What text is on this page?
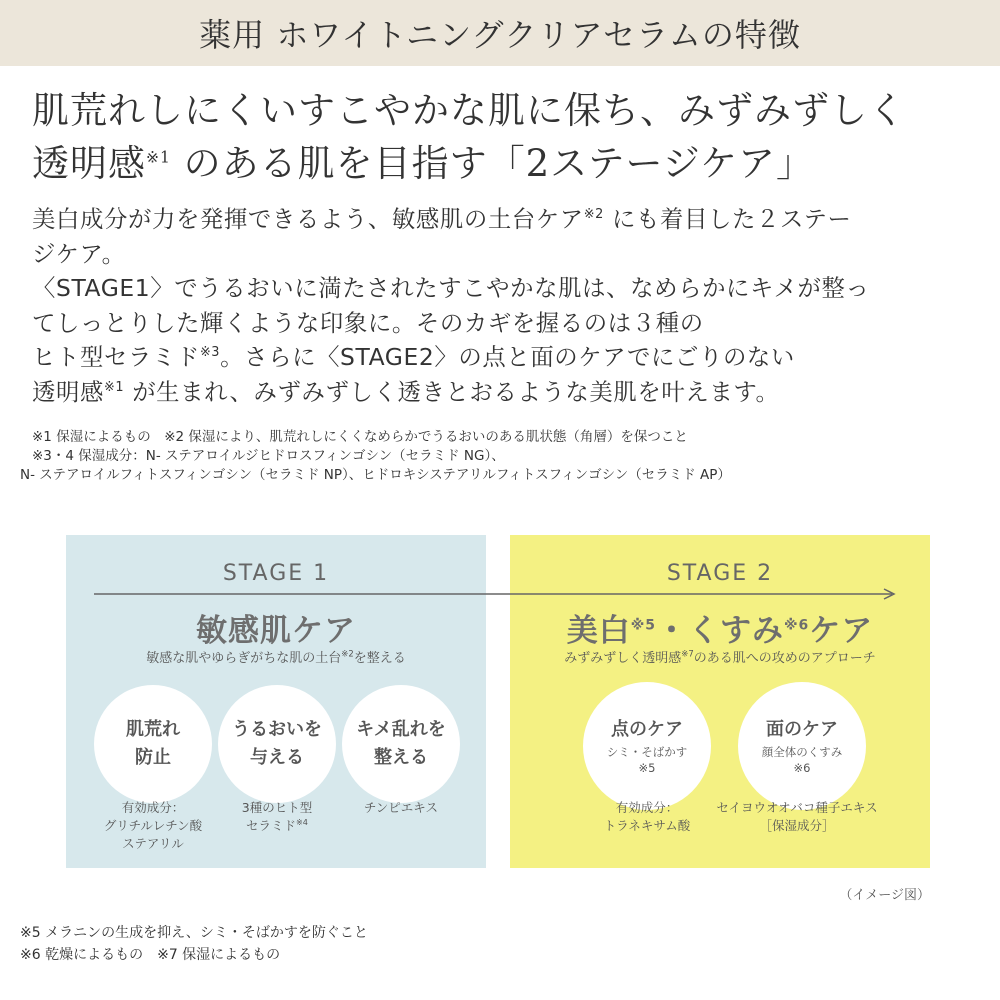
薬用 ホワイトニングクリアセラムの特徴
肌荒れしにくいすこやかな肌に保ち、みずみずしく
透明感$^{※1}$ のある肌を目指す「2ステージケア」
美白成分が力を発揮できるよう、敏感肌の土台ケア$^{※2}$ にも着目した２ステー
ジケア。
〈STAGE1〉でうるおいに満たされたすこやかな肌は、なめらかにキメが整っ
てしっとりした輝くような印象に。そのカギを握るのは３種の
ヒト型セラミド$^{※3}$。さらに〈STAGE2〉の点と面のケアでにごりのない
透明感$^{※1}$ が生まれ、みずみずしく透きとおるような美肌を叶えます。
※1 保湿によるもの　※2 保湿により、肌荒れしにくくなめらかでうるおいのある肌状態（角層）を保つこと
※3・4 保湿成分：N- ステアロイルジヒドロスフィンゴシン（セラミド NG）、
N- ステアロイルフィトスフィンゴシン（セラミド NP）、ヒドロキシステアリルフィトスフィンゴシン（セラミド AP）
STAGE 1
敏感肌ケア
敏感な肌やゆらぎがちな肌の土台$^{※2}$を整える
肌荒れ
防止
うるおいを
与える
キメ乱れを
整える
有効成分：
グリチルレチン酸
ステアリル
3種のヒト型
セラミド$^{※4}$
チンピエキス
STAGE 2
美白$^{※5}$・くすみ$^{※6}$ケア
みずみずしく透明感$^{※7}$のある肌への攻めのアプローチ
点のケア
シミ・そばかす
※5
面のケア
顔全体のくすみ
※6
有効成分：
トラネキサム酸
セイヨウオオバコ種子エキス
［保湿成分］
（イメージ図）
※5 メラニンの生成を抑え、シミ・そばかすを防ぐこと
※6 乾燥によるもの　※7 保湿によるもの
